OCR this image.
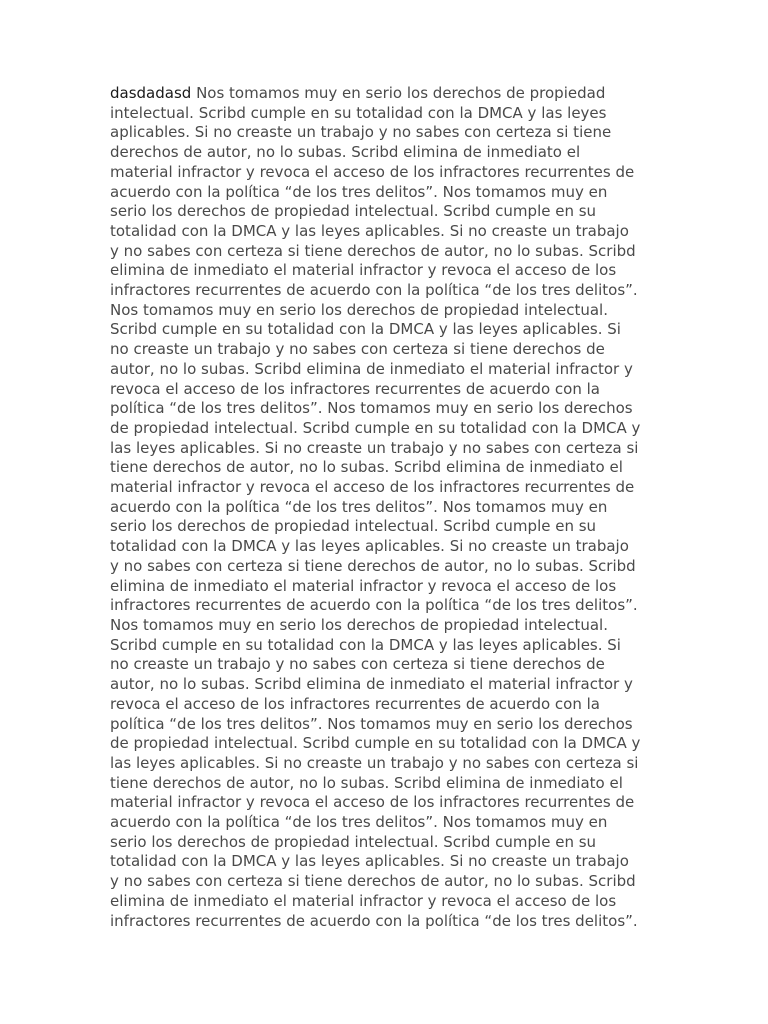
dasdadasd Nos tomamos muy en serio los derechos de propiedad
intelectual. Scribd cumple en su totalidad con la DMCA y las leyes
aplicables. Si no creaste un trabajo y no sabes con certeza si tiene
derechos de autor, no lo subas. Scribd elimina de inmediato el
material infractor y revoca el acceso de los infractores recurrentes de
acuerdo con la política “de los tres delitos”. Nos tomamos muy en
serio los derechos de propiedad intelectual. Scribd cumple en su
totalidad con la DMCA y las leyes aplicables. Si no creaste un trabajo
y no sabes con certeza si tiene derechos de autor, no lo subas. Scribd
elimina de inmediato el material infractor y revoca el acceso de los
infractores recurrentes de acuerdo con la política “de los tres delitos”.
Nos tomamos muy en serio los derechos de propiedad intelectual.
Scribd cumple en su totalidad con la DMCA y las leyes aplicables. Si
no creaste un trabajo y no sabes con certeza si tiene derechos de
autor, no lo subas. Scribd elimina de inmediato el material infractor y
revoca el acceso de los infractores recurrentes de acuerdo con la
política “de los tres delitos”. Nos tomamos muy en serio los derechos
de propiedad intelectual. Scribd cumple en su totalidad con la DMCA y
las leyes aplicables. Si no creaste un trabajo y no sabes con certeza si
tiene derechos de autor, no lo subas. Scribd elimina de inmediato el
material infractor y revoca el acceso de los infractores recurrentes de
acuerdo con la política “de los tres delitos”. Nos tomamos muy en
serio los derechos de propiedad intelectual. Scribd cumple en su
totalidad con la DMCA y las leyes aplicables. Si no creaste un trabajo
y no sabes con certeza si tiene derechos de autor, no lo subas. Scribd
elimina de inmediato el material infractor y revoca el acceso de los
infractores recurrentes de acuerdo con la política “de los tres delitos”.
Nos tomamos muy en serio los derechos de propiedad intelectual.
Scribd cumple en su totalidad con la DMCA y las leyes aplicables. Si
no creaste un trabajo y no sabes con certeza si tiene derechos de
autor, no lo subas. Scribd elimina de inmediato el material infractor y
revoca el acceso de los infractores recurrentes de acuerdo con la
política “de los tres delitos”. Nos tomamos muy en serio los derechos
de propiedad intelectual. Scribd cumple en su totalidad con la DMCA y
las leyes aplicables. Si no creaste un trabajo y no sabes con certeza si
tiene derechos de autor, no lo subas. Scribd elimina de inmediato el
material infractor y revoca el acceso de los infractores recurrentes de
acuerdo con la política “de los tres delitos”. Nos tomamos muy en
serio los derechos de propiedad intelectual. Scribd cumple en su
totalidad con la DMCA y las leyes aplicables. Si no creaste un trabajo
y no sabes con certeza si tiene derechos de autor, no lo subas. Scribd
elimina de inmediato el material infractor y revoca el acceso de los
infractores recurrentes de acuerdo con la política “de los tres delitos”.
